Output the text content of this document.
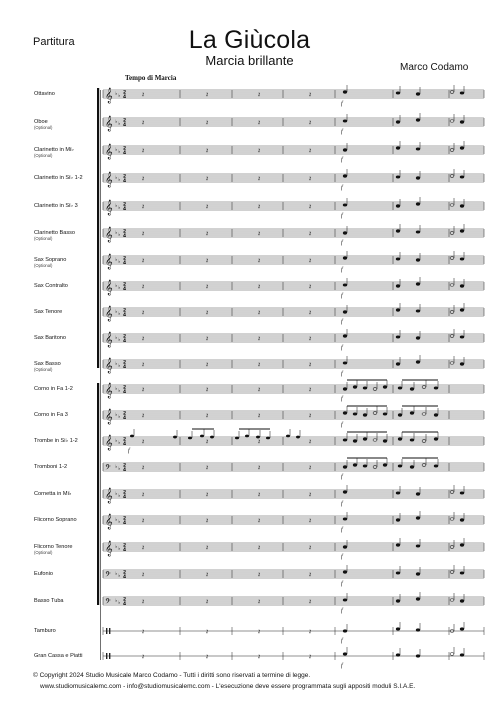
Partitura	La Giùcola
Marcia brillante	Marco Codamo
Tempo di Marcia
Ottavino
Oboe
(Optional)
Clarinetto in Mi♭
(Optional)
Clarinetto in Si♭ 1-2
Clarinetto in Si♭ 3
Clarinetto Basso
(Optional)
Sax Soprano
(Optional)
Sax Contralto
Sax Tenore
Sax Baritono
Sax Basso
(Optional)
Corno in Fa 1-2
Corno in Fa 3
Trombe in Si♭ 1-2
Tromboni 1-2
Cornetta in Mi♭
Flicorno Soprano
Flicorno Tenore
(Optional)
Eufonio
Basso Tuba
Tamburo
Gran Cassa e Piatti
𝄞 ♭ ♭ 2
4
f
𝄽	𝄽	𝄽	𝄽
𝄞 ♭ ♭ 2
4
f
𝄽	𝄽	𝄽	𝄽
𝄞 ♭ ♭ 2
4
f
𝄽	𝄽	𝄽	𝄽
𝄞 ♭ ♭ 2
4
f
𝄽	𝄽	𝄽	𝄽
𝄞 ♭ ♭ 2
4
f
𝄽	𝄽	𝄽	𝄽
𝄞 ♭ ♭ 2
4
f
𝄽	𝄽	𝄽	𝄽
𝄞 ♭ ♭ 2
4
f
𝄽	𝄽	𝄽	𝄽
𝄞 ♭ ♭ 2
4
f
𝄽	𝄽	𝄽	𝄽
𝄞 ♭ ♭ 2
4
f
𝄽	𝄽	𝄽	𝄽
𝄞 ♭ ♭ 2
4
f
𝄽	𝄽	𝄽	𝄽
𝄞 ♭ ♭ 2
4
f
𝄽	𝄽	𝄽	𝄽
𝄞 ♭ ♭ 2
4
f
𝄽	𝄽	𝄽	𝄽
𝄞 ♭ ♭ 2
4
f
𝄽	𝄽	𝄽	𝄽
𝄞 ♭ ♭ 2
4 𝄽	𝄽	𝄽	𝄽
𝄢 ♭ ♭ 2
4
f
𝄽	𝄽	𝄽	𝄽
𝄞 ♭ ♭ 2
4
f
𝄽	𝄽	𝄽	𝄽
𝄞 ♭ ♭ 2
4
f
𝄽	𝄽	𝄽	𝄽
𝄞 ♭ ♭ 2
4
f
𝄽	𝄽	𝄽	𝄽
𝄢 ♭ ♭ 2
4
f
𝄽	𝄽	𝄽	𝄽
𝄢 ♭ ♭ 2
4
f
𝄽	𝄽	𝄽	𝄽
f
𝄽	𝄽	𝄽	𝄽
f
𝄽	𝄽	𝄽	𝄽
f
© Copyright 2024 Studio Musicale Marco Codamo - Tutti i diritti sono riservati a termine di legge.
www.studiomusicalemc.com - info@studiomusicalemc.com - L'esecuzione deve essere programmata sugli appositi moduli S.I.A.E.
